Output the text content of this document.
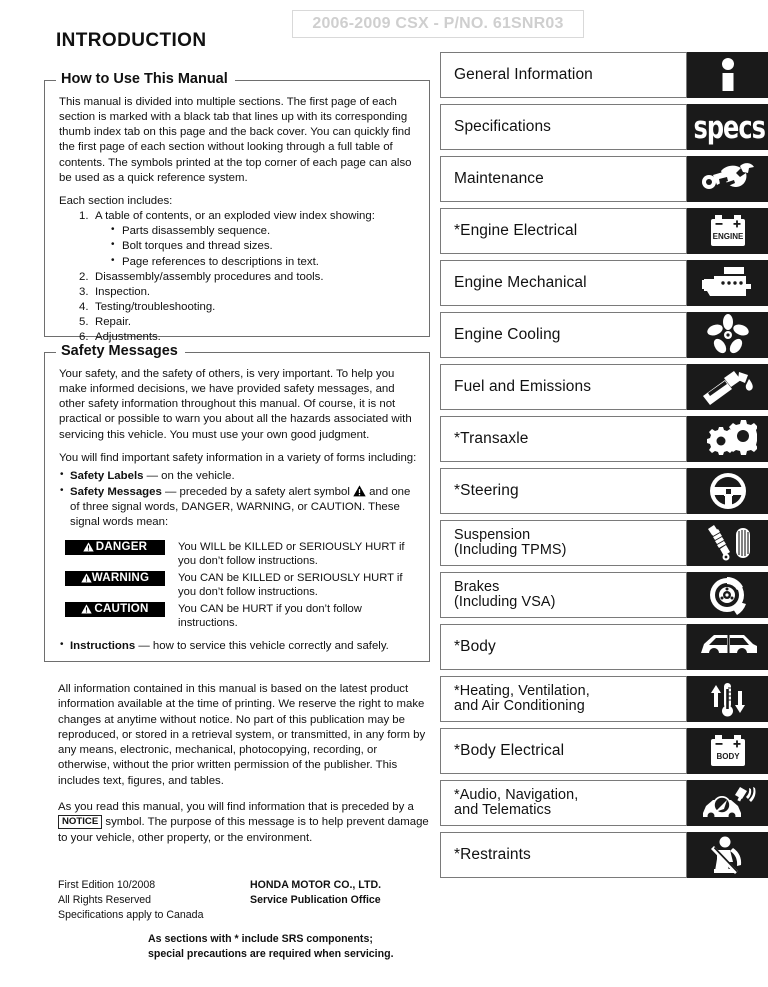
2006-2009 CSX - P/NO. 61SNR03
INTRODUCTION
How to Use This Manual

This manual is divided into multiple sections. The first page of each section is marked with a black tab that lines up with its corresponding thumb index tab on this page and the back cover. You can quickly find the first page of each section without looking through a full table of contents. The symbols printed at the top corner of each page can also be used as a quick reference system.

Each section includes:
1. A table of contents, or an exploded view index showing:
• Parts disassembly sequence.
• Bolt torques and thread sizes.
• Page references to descriptions in text.
2. Disassembly/assembly procedures and tools.
3. Inspection.
4. Testing/troubleshooting.
5. Repair.
6. Adjustments.
Safety Messages

Your safety, and the safety of others, is very important. To help you make informed decisions, we have provided safety messages, and other safety information throughout this manual. Of course, it is not practical or possible to warn you about all the hazards associated with servicing this vehicle. You must use your own good judgment.

You will find important safety information in a variety of forms including:

• Safety Labels — on the vehicle.
• Safety Messages — preceded by a safety alert symbol
and one of three signal words, DANGER, WARNING, or CAUTION. These signal words mean:
DANGER	You WILL be KILLED or SERIOUSLY HURT if you don’t follow instructions.

WARNING	You CAN be KILLED or SERIOUSLY HURT if you don’t follow instructions.

CAUTION	You CAN be HURT if you don’t follow instructions.
• Instructions — how to service this vehicle correctly and safely.

All information contained in this manual is based on the latest product information available at the time of printing. We reserve the right to make changes at anytime without notice. No part of this publication may be reproduced, or stored in a retrieval system, or transmitted, in any form by any means, electronic, mechanical, photocopying, recording, or otherwise, without the prior written permission of the publisher. This includes text, figures, and tables.

As you read this manual, you will find information that is preceded by a NOTICE symbol. The purpose of this message is to help prevent damage to your vehicle, other property, or the environment.

First Edition 10/2008
All Rights Reserved
Specifications apply to Canada
HONDA MOTOR CO., LTD.
Service Publication Office
As sections with * include SRS components;
special precautions are required when servicing.
General Information
Specifications	specs
Maintenance
*Engine Electrical	ENGINE
Engine Mechanical
Engine Cooling
Fuel and Emissions
*Transaxle
*Steering
Suspension
(Including TPMS)
Brakes
(Including VSA)
*Body
*Heating, Ventilation,
and Air Conditioning
*Body Electrical	BODY
*Audio, Navigation,
and Telematics
*Restraints
